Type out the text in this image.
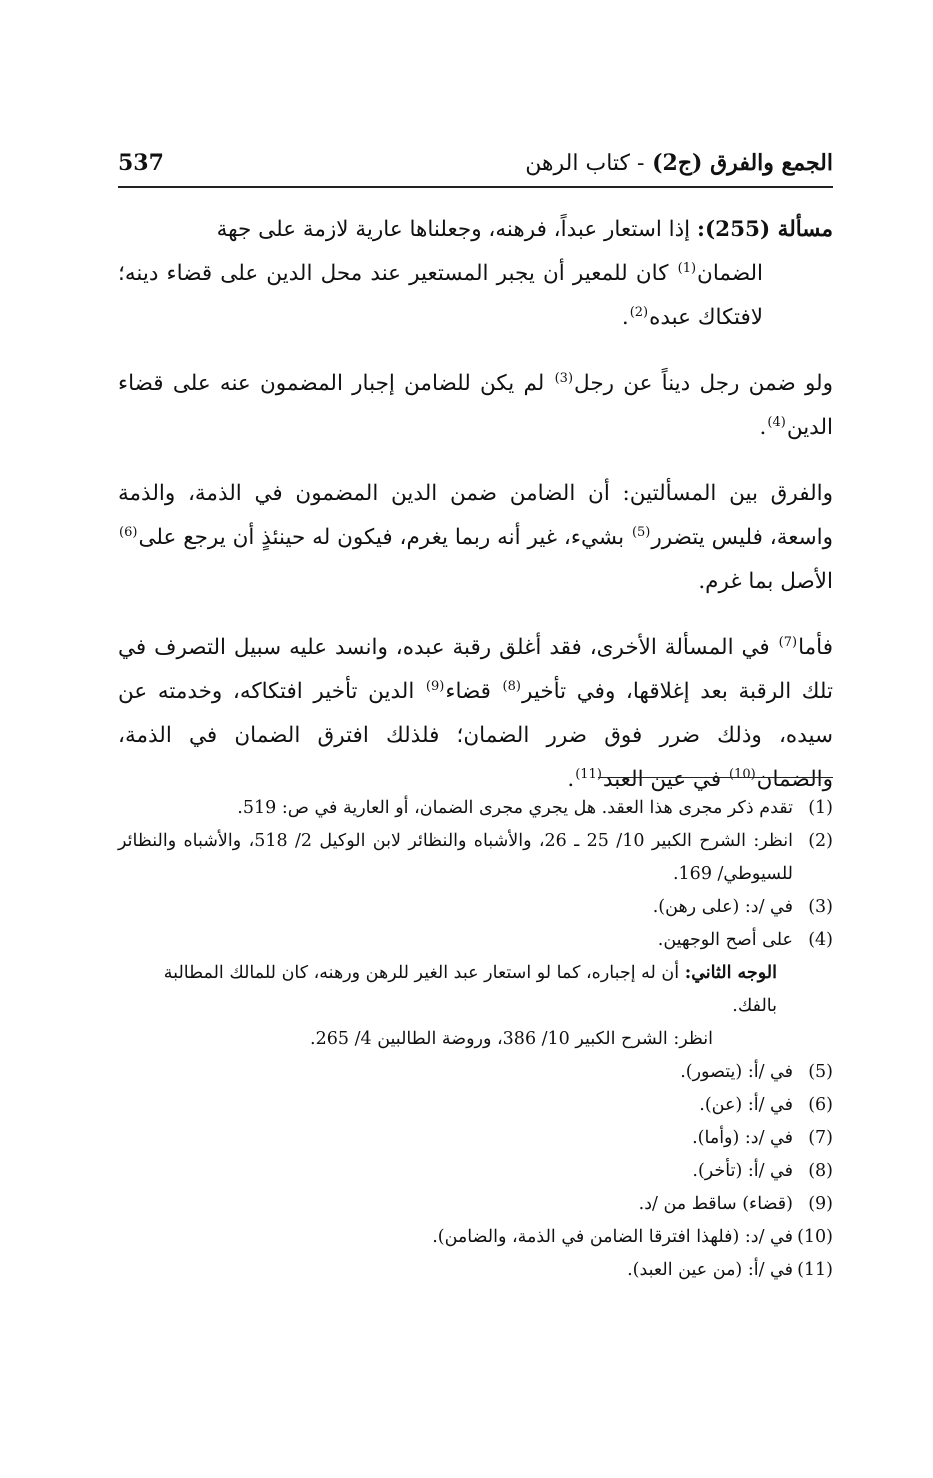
الجمع والفرق (ج2) - كتاب الرهن
537

مسألة (255): إذا استعار عبداً، فرهنه، وجعلناها عارية لازمة على جهة
الضمان$^{(1)}$ كان للمعير أن يجبر المستعير عند محل الدين على قضاء دينه؛ لافتكاك عبده$^{(2)}$.

ولو ضمن رجل ديناً عن رجل$^{(3)}$ لم يكن للضامن إجبار المضمون عنه على قضاء الدين$^{(4)}$.

والفرق بين المسألتين: أن الضامن ضمن الدين المضمون في الذمة، والذمة واسعة، فليس يتضرر$^{(5)}$ بشيء، غير أنه ربما يغرم، فيكون له حينئذٍ أن يرجع على$^{(6)}$ الأصل بما غرم.

فأما$^{(7)}$ في المسألة الأخرى، فقد أغلق رقبة عبده، وانسد عليه سبيل التصرف في تلك الرقبة بعد إغلاقها، وفي تأخير$^{(8)}$ قضاء$^{(9)}$ الدين تأخير افتكاكه، وخدمته عن سيده، وذلك ضرر فوق ضرر الضمان؛ فلذلك افترق الضمان في الذمة، والضمان$^{(10)}$ في عين العبد$^{(11)}$.

(1)
تقدم ذكر مجرى هذا العقد. هل يجري مجرى الضمان، أو العارية في ص: 519.
(2)
انظر: الشرح الكبير 10/ 25 ـ 26، والأشباه والنظائر لابن الوكيل 2/ 518، والأشباه والنظائر للسيوطي/ 169.
(3)
في /د: (على رهن).
(4)
على أصح الوجهين.

الوجه الثاني: أن له إجباره، كما لو استعار عبد الغير للرهن ورهنه، كان للمالك المطالبة بالفك.

انظر: الشرح الكبير 10/ 386، وروضة الطالبين 4/ 265.

(5)
في /أ: (يتصور).
(6)
في /أ: (عن).
(7)
في /د: (وأما).
(8)
في /أ: (تأخر).
(9)
(قضاء) ساقط من /د.
(10)
في /د: (فلهذا افترقا الضامن في الذمة، والضامن).
(11)
في /أ: (من عين العبد).
